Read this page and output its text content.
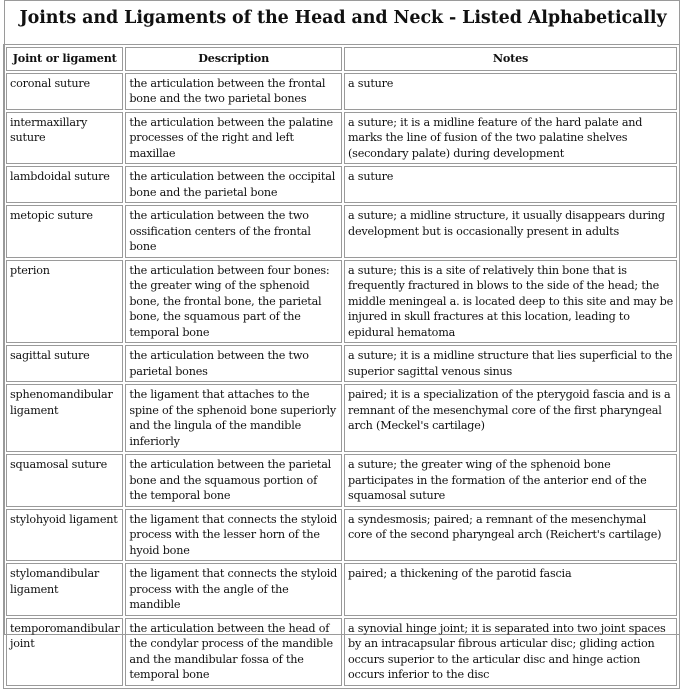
Joints and Ligaments of the Head and Neck - Listed Alphabetically
Joint or ligament	Description	Notes
coronal suture	the articulation between the frontal bone and the two parietal bones	a suture
intermaxillary suture	the articulation between the palatine processes of the right and left maxillae	a suture; it is a midline feature of the hard palate and marks the line of fusion of the two palatine shelves (secondary palate) during development
lambdoidal suture	the articulation between the occipital bone and the parietal bone	a suture
metopic suture	the articulation between the two ossification centers of the frontal bone	a suture; a midline structure, it usually disappears during development but is occasionally present in adults
pterion	the articulation between four bones: the greater wing of the sphenoid bone, the frontal bone, the parietal bone, the squamous part of the temporal bone	a suture; this is a site of relatively thin bone that is frequently fractured in blows to the side of the head; the middle meningeal a. is located deep to this site and may be injured in skull fractures at this location, leading to epidural hematoma
sagittal suture	the articulation between the two parietal bones	a suture; it is a midline structure that lies superficial to the superior sagittal venous sinus
sphenomandibular ligament	the ligament that attaches to the spine of the sphenoid bone superiorly and the lingula of the mandible inferiorly	paired; it is a specialization of the pterygoid fascia and is a remnant of the mesenchymal core of the first pharyngeal arch (Meckel's cartilage)
squamosal suture	the articulation between the parietal bone and the squamous portion of the temporal bone	a suture; the greater wing of the sphenoid bone participates in the formation of the anterior end of the squamosal suture
stylohyoid ligament	the ligament that connects the styloid process with the lesser horn of the hyoid bone	a syndesmosis; paired; a remnant of the mesenchymal core of the second pharyngeal arch (Reichert's cartilage)
stylomandibular ligament	the ligament that connects the styloid process with the angle of the mandible	paired; a thickening of the parotid fascia
temporomandibular joint	the articulation between the head of the condylar process of the mandible and the mandibular fossa of the temporal bone	a synovial hinge joint; it is separated into two joint spaces by an intracapsular fibrous articular disc; gliding action occurs superior to the articular disc and hinge action occurs inferior to the disc
